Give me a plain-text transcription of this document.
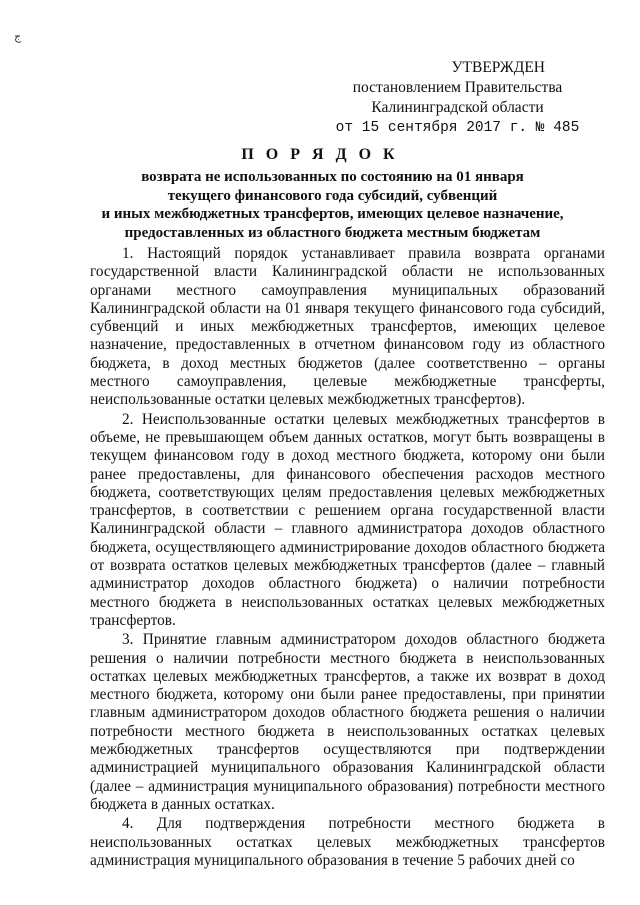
ج
УТВЕРЖДЕН
постановлением Правительства
Калининградской области
от 15 сентября 2017 г. № 485
П О Р Я Д О К
возврата не использованных по состоянию на 01 января
текущего финансового года субсидий, субвенций
и иных межбюджетных трансфертов, имеющих целевое назначение,
предоставленных из областного бюджета местным бюджетам

1. Настоящий порядок устанавливает правила возврата органами государственной власти Калининградской области не использованных органами местного самоуправления муниципальных образований Калининградской области на 01 января текущего финансового года субсидий, субвенций и иных межбюджетных трансфертов, имеющих целевое назначение, предоставленных в отчетном финансовом году из областного бюджета, в доход местных бюджетов (далее соответственно – органы местного самоуправления, целевые межбюджетные трансферты, неиспользованные остатки целевых межбюджетных трансфертов).

2. Неиспользованные остатки целевых межбюджетных трансфертов в объеме, не превышающем объем данных остатков, могут быть возвращены в текущем финансовом году в доход местного бюджета, которому они были ранее предоставлены, для финансового обеспечения расходов местного бюджета, соответствующих целям предоставления целевых межбюджетных трансфертов, в соответствии с решением органа государственной власти Калининградской области – главного администратора доходов областного бюджета, осуществляющего администрирование доходов областного бюджета от возврата остатков целевых межбюджетных трансфертов (далее – главный администратор доходов областного бюджета) о наличии потребности местного бюджета в неиспользованных остатках целевых межбюджетных трансфертов.

3. Принятие главным администратором доходов областного бюджета решения о наличии потребности местного бюджета в неиспользованных остатках целевых межбюджетных трансфертов, а также их возврат в доход местного бюджета, которому они были ранее предоставлены, при принятии главным администратором доходов областного бюджета решения о наличии потребности местного бюджета в неиспользованных остатках целевых межбюджетных трансфертов осуществляются при подтверждении администрацией муниципального образования Калининградской области (далее – администрация муниципального образования) потребности местного бюджета в данных остатках.

4. Для подтверждения потребности местного бюджета в неиспользованных остатках целевых межбюджетных трансфертов администрация муниципального образования в течение 5 рабочих дней со
